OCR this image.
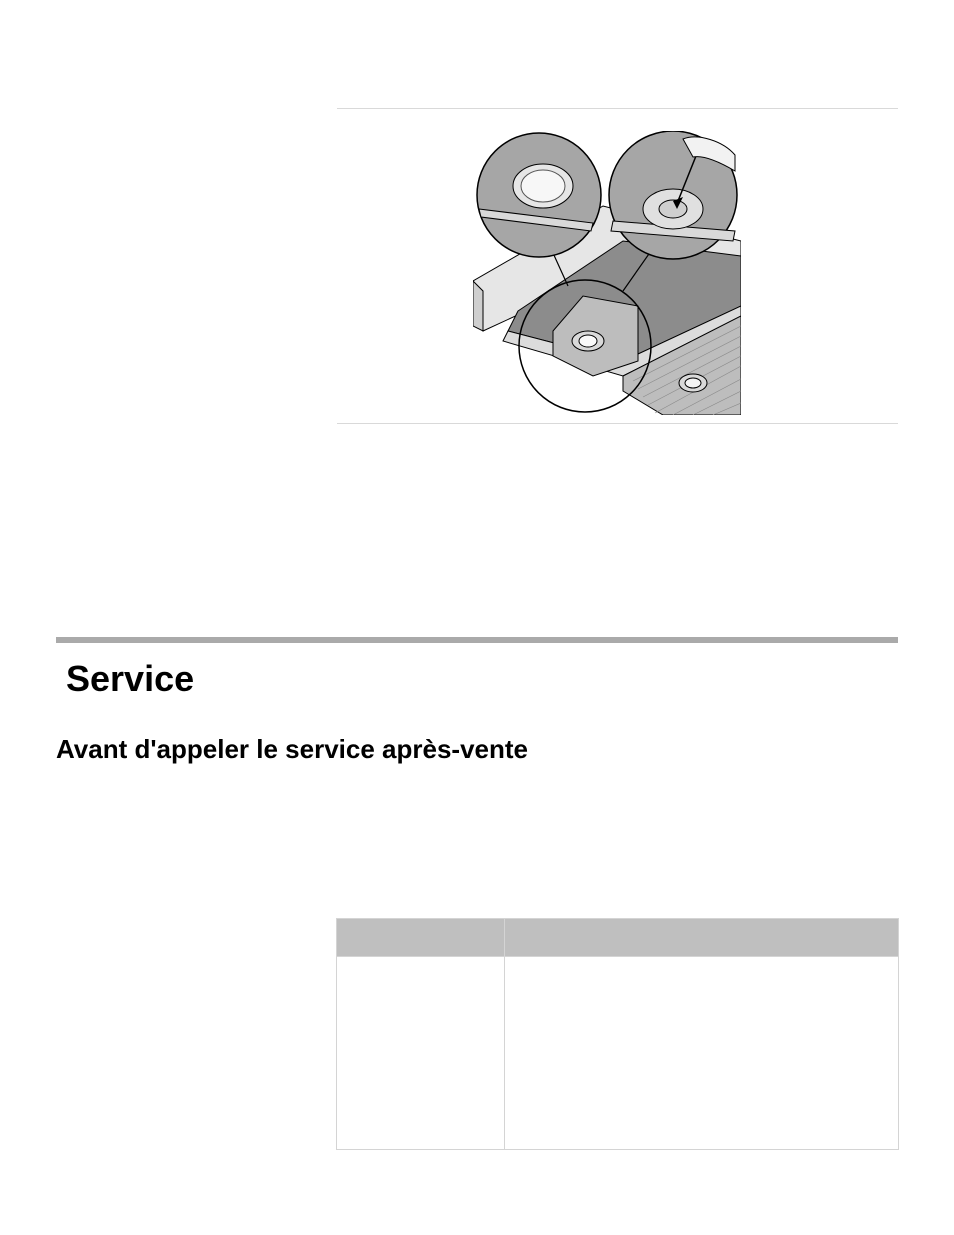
Service
Avant d'appeler le service après-vente
